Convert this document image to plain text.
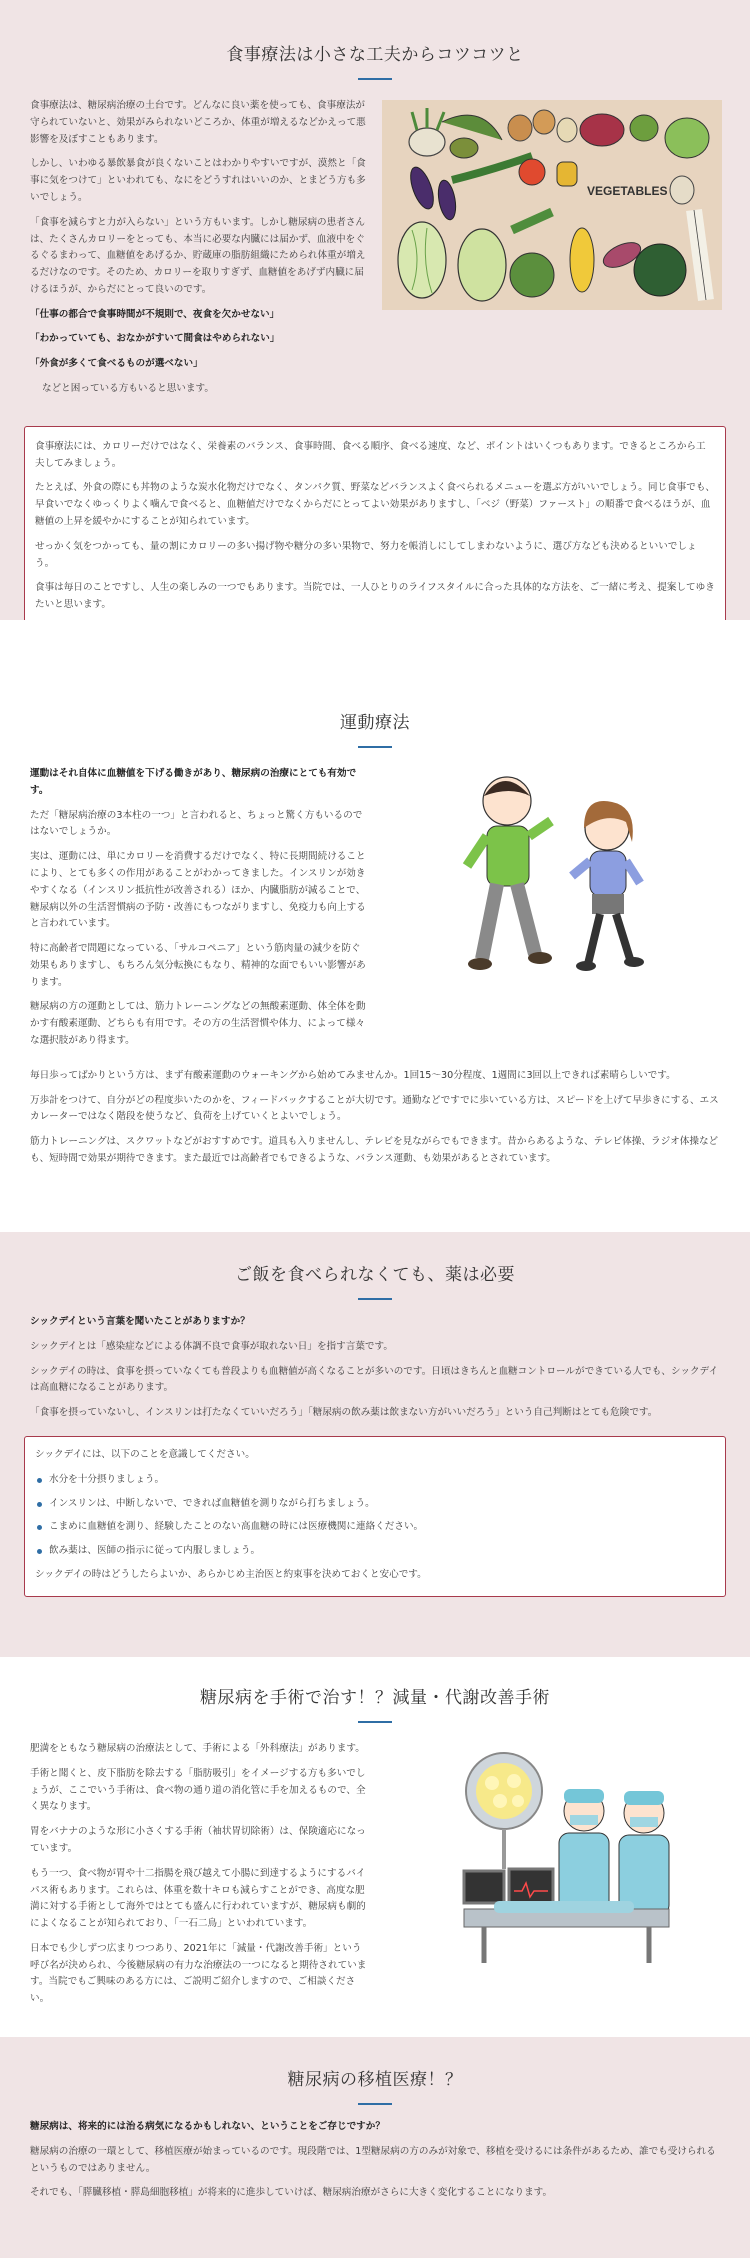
食事療法は小さな工夫からコツコツと

食事療法は、糖尿病治療の土台です。どんなに良い薬を使っても、食事療法が守られていないと、効果がみられないどころか、体重が増えるなどかえって悪影響を及ぼすこともあります。

しかし、いわゆる暴飲暴食が良くないことはわかりやすいですが、漠然と「食事に気をつけて」といわれても、なにをどうすれはいいのか、とまどう方も多いでしょう。

「食事を減らすと力が入らない」という方もいます。しかし糖尿病の患者さんは、たくさんカロリーをとっても、本当に必要な内臓には届かず、血液中をぐるぐるまわって、血糖値をあげるか、貯蔵庫の脂肪組織にためられ体重が増えるだけなのです。そのため、カロリーを取りすぎず、血糖値をあげず内臓に届けるほうが、からだにとって良いのです。

「仕事の都合で食事時間が不規則で、夜食を欠かせない」

「わかっていても、おなかがすいて間食はやめられない」

「外食が多くて食べるものが選べない」

などと困っている方もいると思います。

VEGETABLES

食事療法には、カロリーだけではなく、栄養素のバランス、食事時間、食べる順序、食べる速度、など、ポイントはいくつもあります。できるところから工夫してみましょう。

たとえば、外食の際にも丼物のような炭水化物だけでなく、タンパク質、野菜などバランスよく食べられるメニューを選ぶ方がいいでしょう。同じ食事でも、早食いでなくゆっくりよく噛んで食べると、血糖値だけでなくからだにとってよい効果がありますし、「ベジ（野菜）ファースト」の順番で食べるほうが、血糖値の上昇を緩やかにすることが知られています。

せっかく気をつかっても、量の割にカロリーの多い揚げ物や糖分の多い果物で、努力を帳消しにしてしまわないように、選び方なども決めるといいでしょう。

食事は毎日のことですし、人生の楽しみの一つでもあります。当院では、一人ひとりのライフスタイルに合った具体的な方法を、ご一緒に考え、提案してゆきたいと思います。

運動療法

運動はそれ自体に血糖値を下げる働きがあり、糖尿病の治療にとても有効です。

ただ「糖尿病治療の3本柱の一つ」と言われると、ちょっと驚く方もいるのではないでしょうか。

実は、運動には、単にカロリーを消費するだけでなく、特に長期間続けることにより、とても多くの作用があることがわかってきました。インスリンが効きやすくなる（インスリン抵抗性が改善される）ほか、内臓脂肪が減ることで、糖尿病以外の生活習慣病の予防・改善にもつながりますし、免疫力も向上すると言われています。

特に高齢者で問題になっている、「サルコペニア」という筋肉量の減少を防ぐ効果もありますし、もちろん気分転換にもなり、精神的な面でもいい影響があります。

糖尿病の方の運動としては、筋力トレーニングなどの無酸素運動、体全体を動かす有酸素運動、どちらも有用です。その方の生活習慣や体力、によって様々な選択肢があり得ます。

毎日歩ってばかりという方は、まず有酸素運動のウォーキングから始めてみませんか。1回15～30分程度、1週間に3回以上できれば素晴らしいです。

万歩計をつけて、自分がどの程度歩いたのかを、フィードバックすることが大切です。通勤などですでに歩いている方は、スピードを上げて早歩きにする、エスカレーターではなく階段を使うなど、負荷を上げていくとよいでしょう。

筋力トレーニングは、スクワットなどがおすすめです。道具も入りませんし、テレビを見ながらでもできます。昔からあるような、テレビ体操、ラジオ体操なども、短時間で効果が期待できます。また最近では高齢者でもできるような、バランス運動、も効果があるとされています。

ご飯を食べられなくても、薬は必要

シックデイという言葉を聞いたことがありますか？

シックデイとは「感染症などによる体調不良で食事が取れない日」を指す言葉です。

シックデイの時は、食事を摂っていなくても普段よりも血糖値が高くなることが多いのです。日頃はきちんと血糖コントロールができている人でも、シックデイは高血糖になることがあります。

「食事を摂っていないし、インスリンは打たなくていいだろう」「糖尿病の飲み薬は飲まない方がいいだろう」という自己判断はとても危険です。

シックデイには、以下のことを意識してください。

水分を十分摂りましょう。
インスリンは、中断しないで、できれば血糖値を測りながら打ちましょう。
こまめに血糖値を測り、経験したことのない高血糖の時には医療機関に連絡ください。
飲み薬は、医師の指示に従って内服しましょう。

シックデイの時はどうしたらよいか、あらかじめ主治医と約束事を決めておくと安心です。

糖尿病を手術で治す！？減量・代謝改善手術

肥満をともなう糖尿病の治療法として、手術による「外科療法」があります。

手術と聞くと、皮下脂肪を除去する「脂肪吸引」をイメージする方も多いでしょうが、ここでいう手術は、食べ物の通り道の消化管に手を加えるもので、全く異なります。

胃をバナナのような形に小さくする手術（袖状胃切除術）は、保険適応になっています。

もう一つ、食べ物が胃や十二指腸を飛び越えて小腸に到達するようにするバイパス術もあります。これらは、体重を数十キロも減らすことができ、高度な肥満に対する手術として海外ではとても盛んに行われていますが、糖尿病も劇的によくなることが知られており、「一石二鳥」といわれています。

日本でも少しずつ広まりつつあり、2021年に「減量・代謝改善手術」という呼び名が決められ、今後糖尿病の有力な治療法の一つになると期待されています。当院でもご興味のある方には、ご説明ご紹介しますので、ご相談ください。

糖尿病の移植医療！？

糖尿病は、将来的には治る病気になるかもしれない、ということをご存じですか？

糖尿病の治療の一環として、移植医療が始まっているのです。現段階では、1型糖尿病の方のみが対象で、移植を受けるには条件があるため、誰でも受けられるというものではありません。

それでも、「膵臓移植・膵島細胞移植」が将来的に進歩していけば、糖尿病治療がさらに大きく変化することになります。
